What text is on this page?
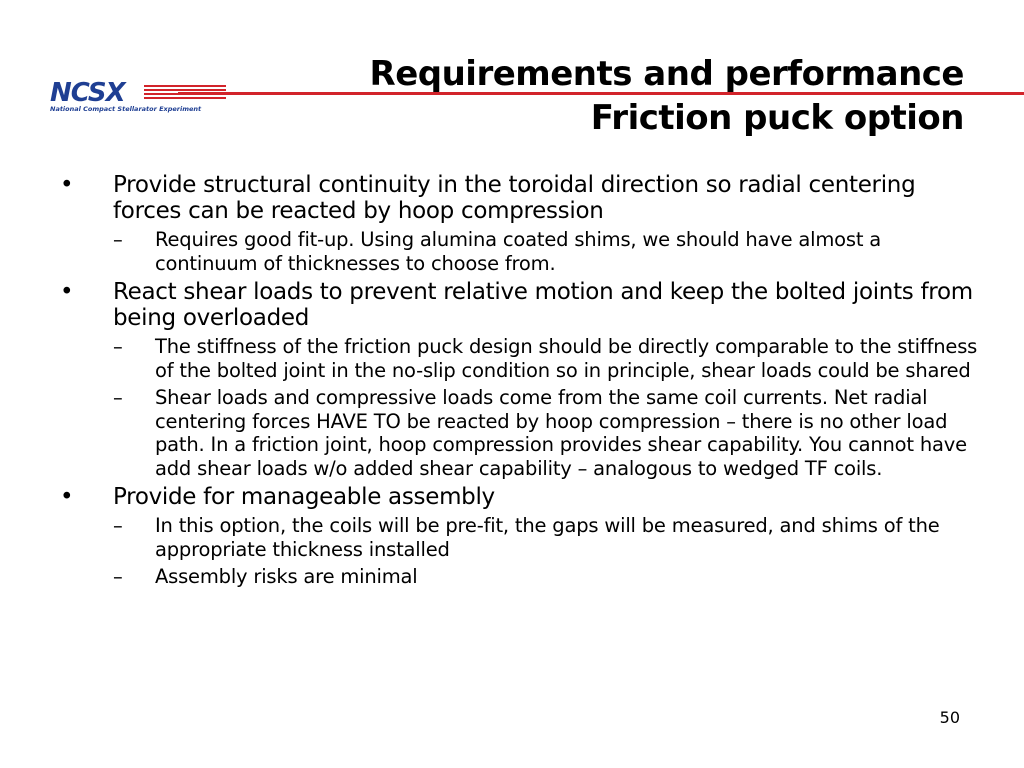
NCSX
National Compact Stellarator Experiment
Requirements and performance
Friction puck option
• Provide structural continuity in the toroidal direction so radial centering forces can be reacted by hoop compression
– Requires good fit-up. Using alumina coated shims, we should have almost a continuum of thicknesses to choose from.
• React shear loads to prevent relative motion and keep the bolted joints from being overloaded
– The stiffness of the friction puck design should be directly comparable to the stiffness of the bolted joint in the no-slip condition so in principle, shear loads could be shared
– Shear loads and compressive loads come from the same coil currents. Net radial centering forces HAVE TO be reacted by hoop compression – there is no other load path. In a friction joint, hoop compression provides shear capability. You cannot have add shear loads w/o added shear capability – analogous to wedged TF coils.
• Provide for manageable assembly
– In this option, the coils will be pre-fit, the gaps will be measured, and shims of the appropriate thickness installed
– Assembly risks are minimal
50
